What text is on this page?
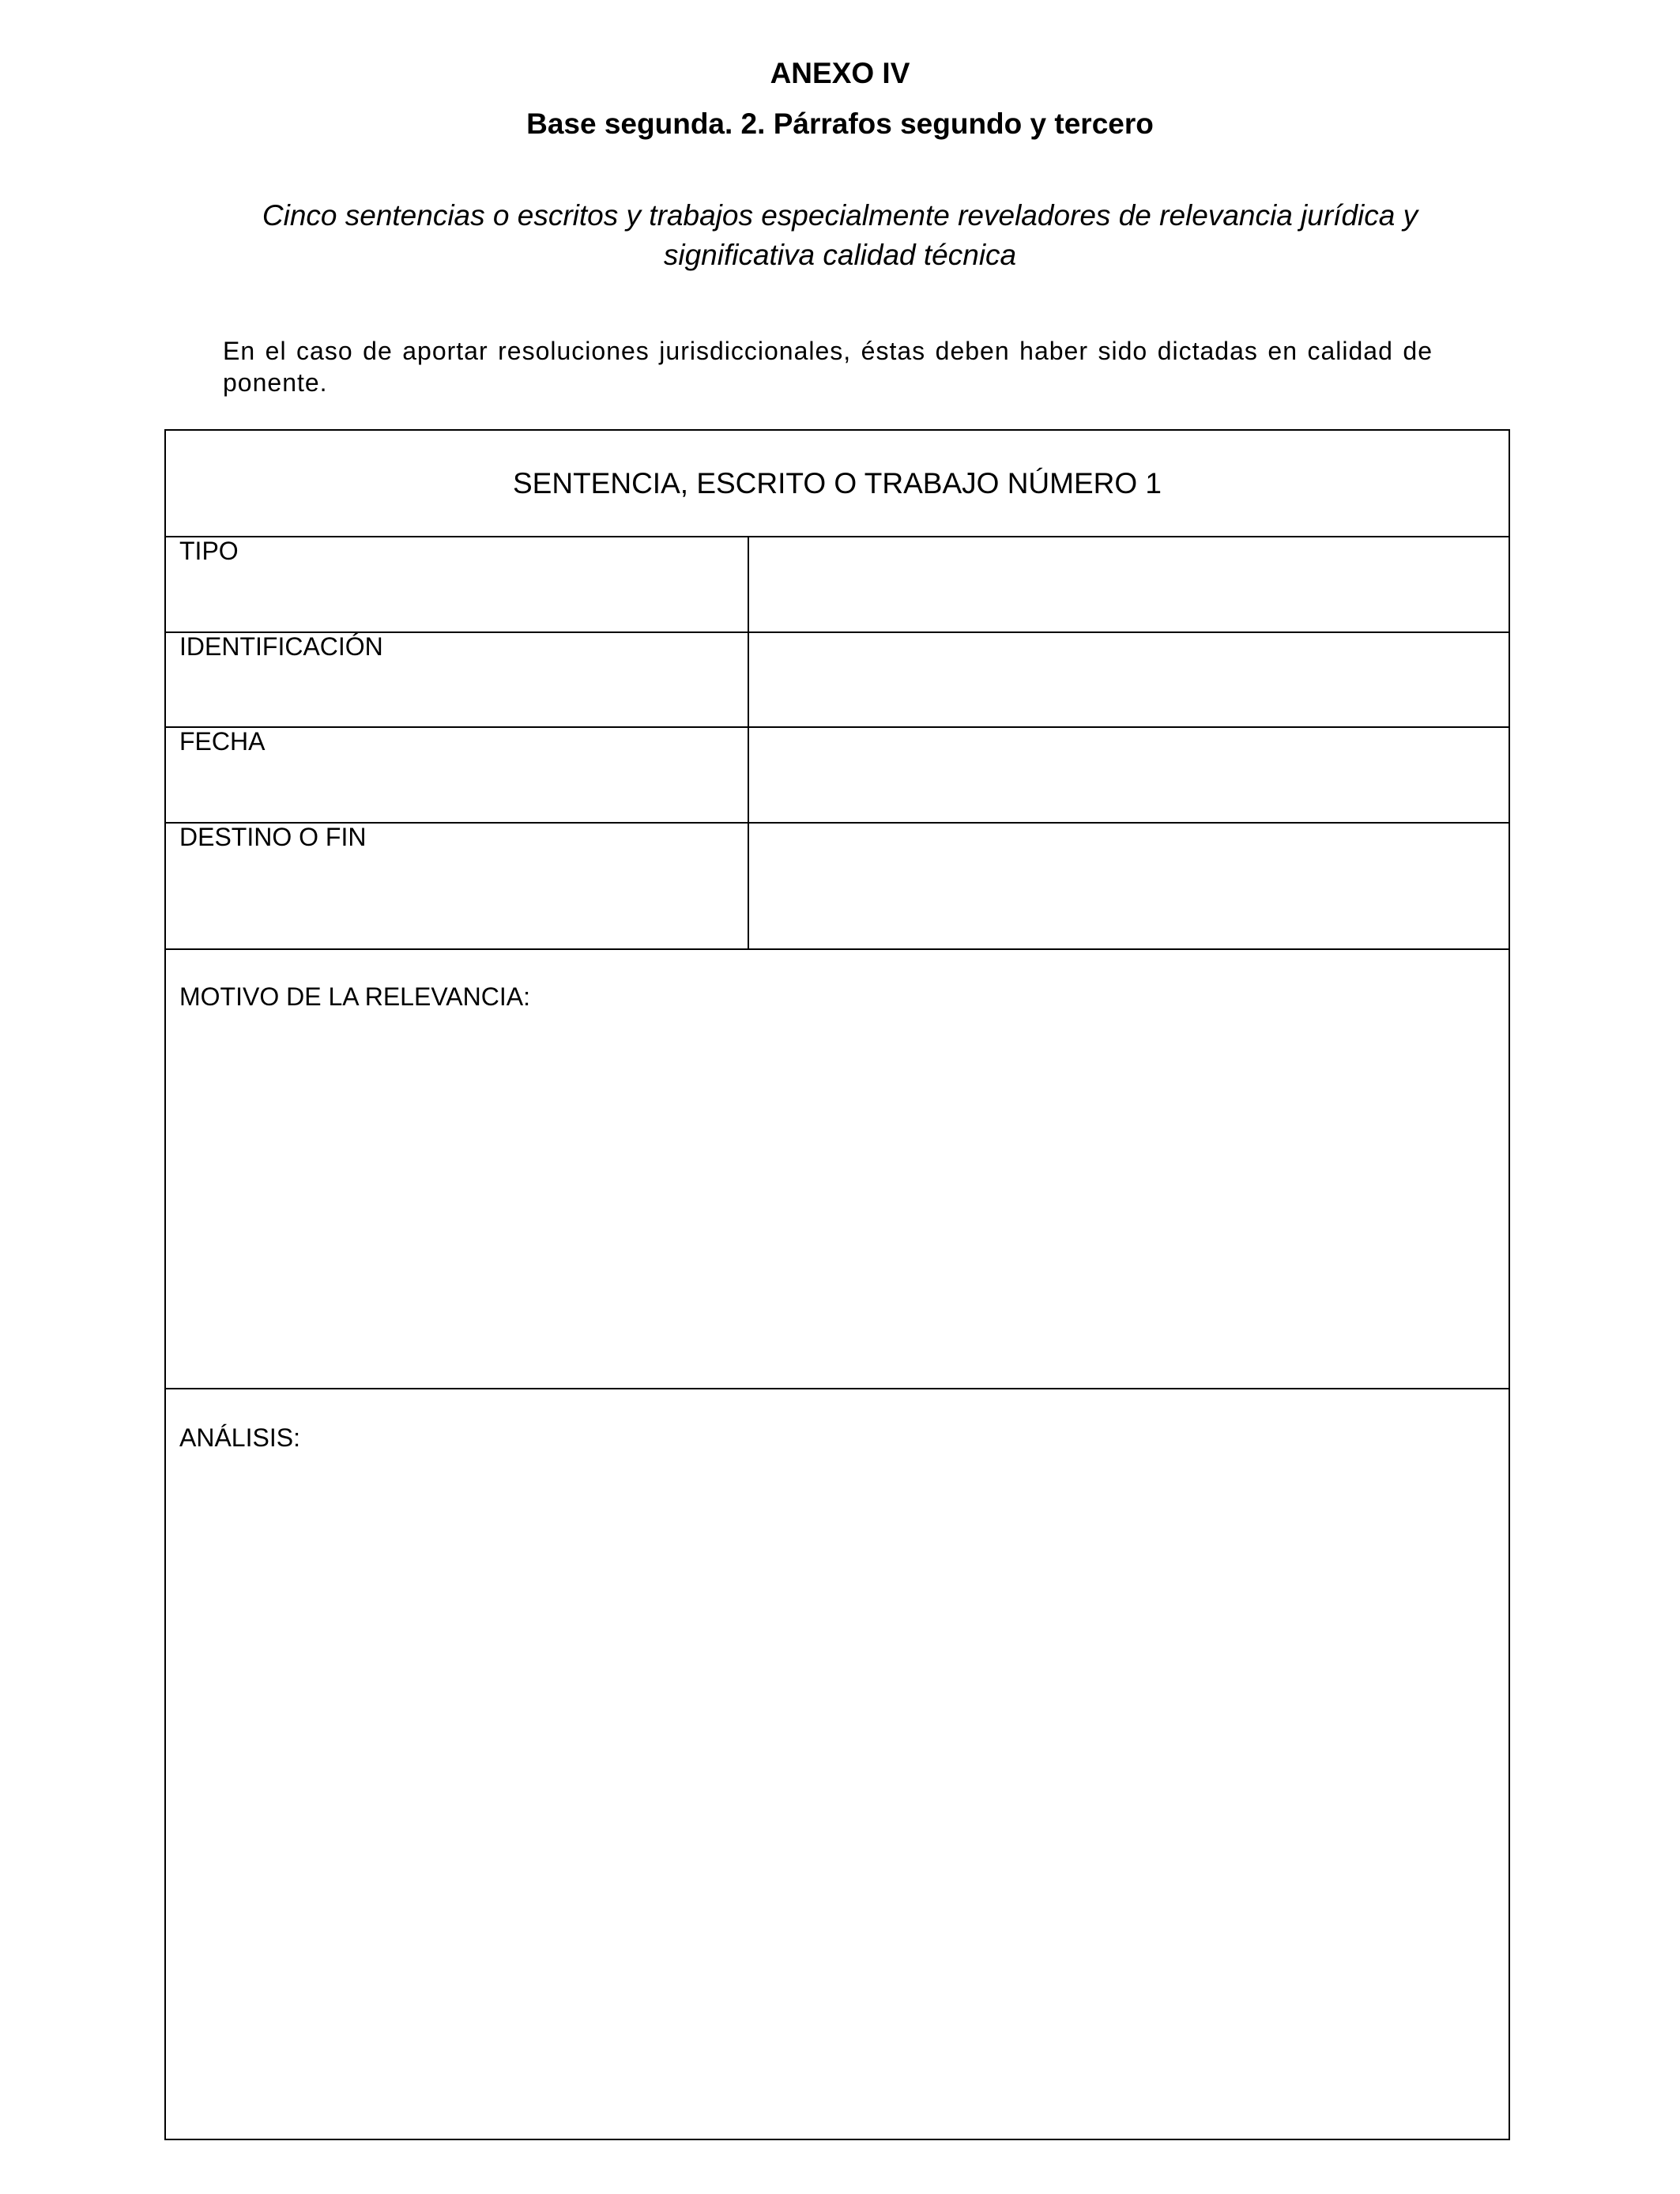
ANEXO IV
Base segunda. 2. Párrafos segundo y tercero

Cinco sentencias o escritos y trabajos especialmente reveladores de relevancia jurídica y significativa calidad técnica

En el caso de aportar resoluciones jurisdiccionales, éstas deben haber sido dictadas en calidad de ponente.

SENTENCIA, ESCRITO O TRABAJO NÚMERO 1
TIPO
IDENTIFICACIÓN
FECHA
DESTINO O FIN
MOTIVO DE LA RELEVANCIA:
ANÁLISIS:
